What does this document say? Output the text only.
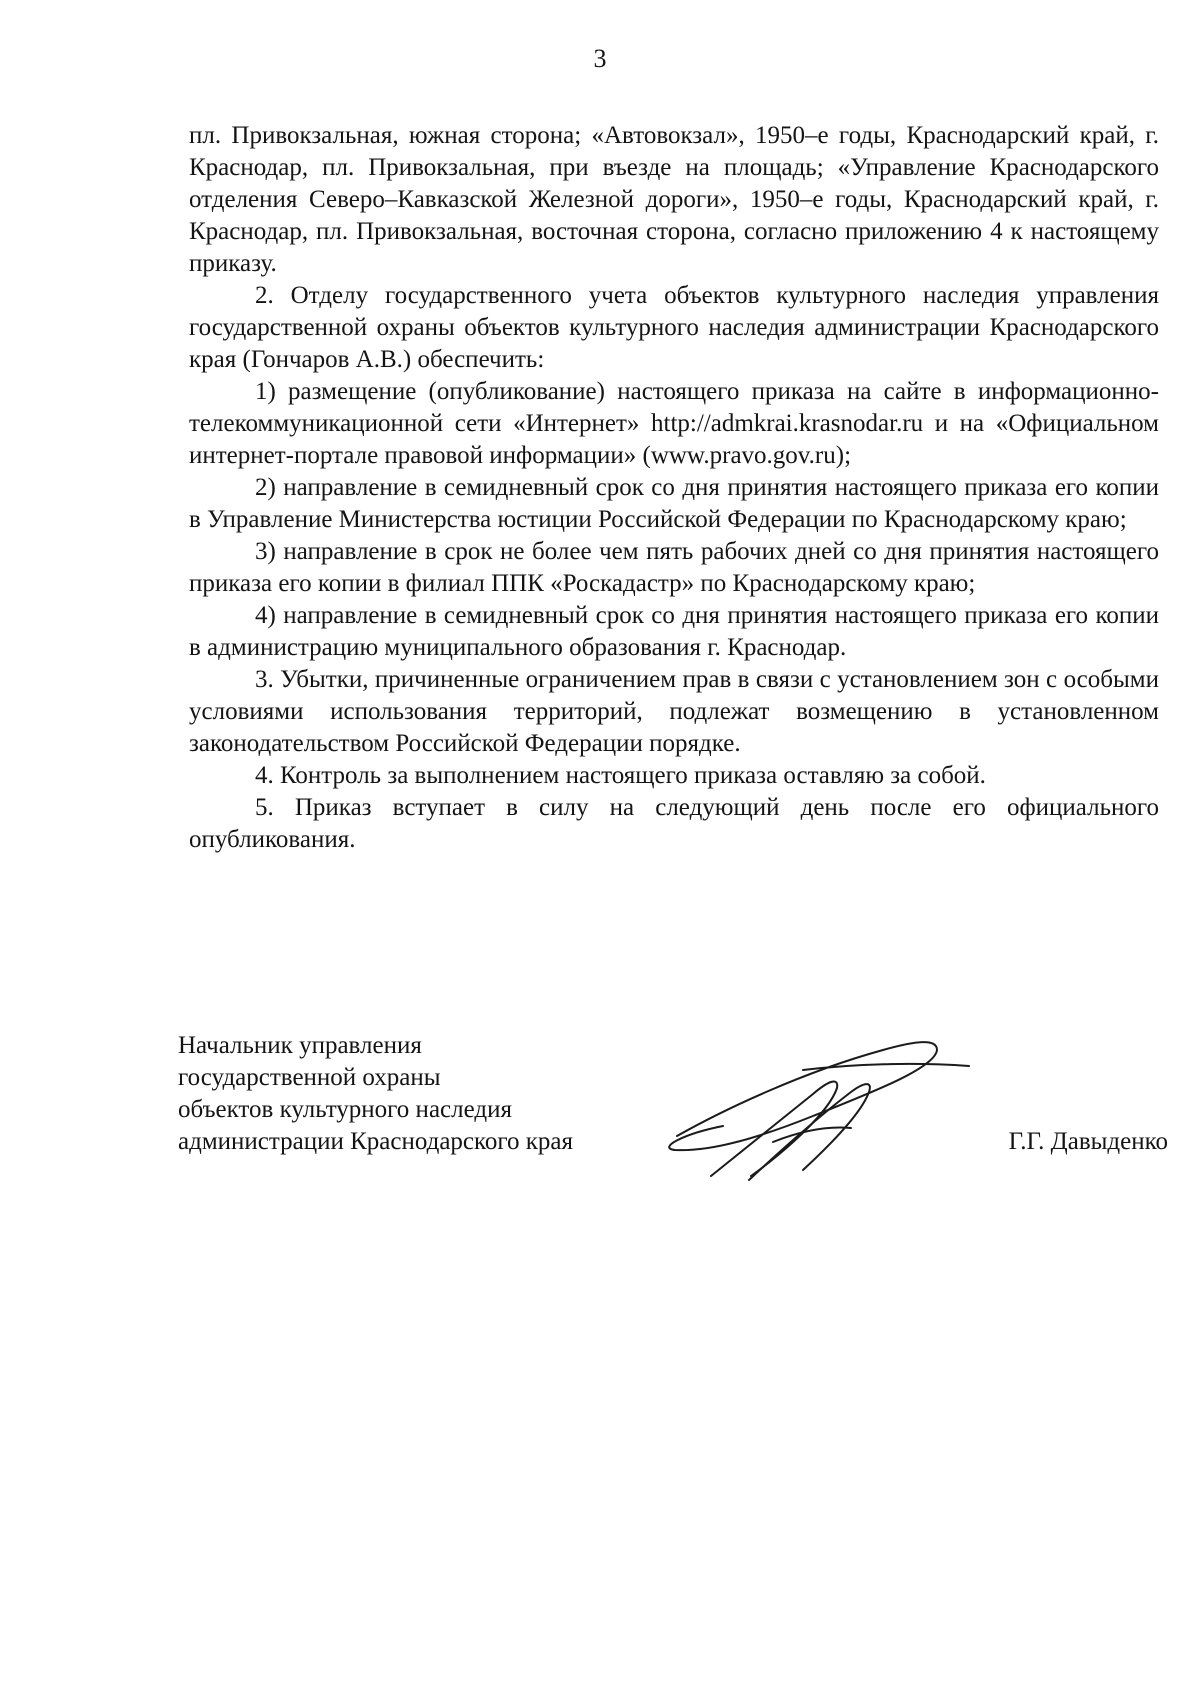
3

пл. Привокзальная, южная сторона; «Автовокзал», 1950–е годы, Краснодарский край, г. Краснодар, пл. Привокзальная, при въезде на площадь; «Управление Краснодарского отделения Северо–Кавказской Железной дороги», 1950–е годы, Краснодарский край, г. Краснодар, пл. Привокзальная, восточная сторона, согласно приложению 4 к настоящему приказу.

2. Отделу государственного учета объектов культурного наследия управления государственной охраны объектов культурного наследия администрации Краснодарского края (Гончаров А.В.) обеспечить:

1) размещение (опубликование) настоящего приказа на сайте в информационно-телекоммуникационной сети «Интернет» http://admkrai.krasnodar.ru и на «Официальном интернет-портале правовой информации» (www.pravo.gov.ru);

2) направление в семидневный срок со дня принятия настоящего приказа его копии в Управление Министерства юстиции Российской Федерации по Краснодарскому краю;

3) направление в срок не более чем пять рабочих дней со дня принятия настоящего приказа его копии в филиал ППК «Роскадастр» по Краснодарскому краю;

4) направление в семидневный срок со дня принятия настоящего приказа его копии в администрацию муниципального образования г. Краснодар.

3. Убытки, причиненные ограничением прав в связи с установлением зон с особыми условиями использования территорий, подлежат возмещению в установленном законодательством Российской Федерации порядке.

4. Контроль за выполнением настоящего приказа оставляю за собой.

5. Приказ вступает в силу на следующий день после его официального опубликования.

Начальник управления
государственной охраны
объектов культурного наследия
администрации Краснодарского края	Г.Г. Давыденко
